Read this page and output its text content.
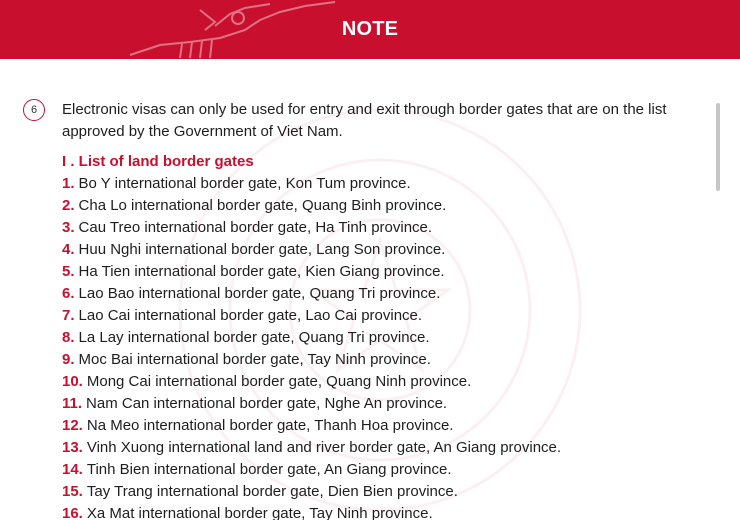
NOTE
6	Electronic visas can only be used for entry and exit through border gates that are on the list approved by the Government of Viet Nam.
I . List of land border gates
1. Bo Y international border gate, Kon Tum province.
2. Cha Lo international border gate, Quang Binh province.
3. Cau Treo international border gate, Ha Tinh province.
4. Huu Nghi international border gate, Lang Son province.
5. Ha Tien international border gate, Kien Giang province.
6. Lao Bao international border gate, Quang Tri province.
7. Lao Cai international border gate, Lao Cai province.
8. La Lay international border gate, Quang Tri province.
9. Moc Bai international border gate, Tay Ninh province.
10. Mong Cai international border gate, Quang Ninh province.
11. Nam Can international border gate, Nghe An province.
12. Na Meo international border gate, Thanh Hoa province.
13. Vinh Xuong international land and river border gate, An Giang province.
14. Tinh Bien international border gate, An Giang province.
15. Tay Trang international border gate, Dien Bien province.
16. Xa Mat international border gate, Tay Ninh province.
